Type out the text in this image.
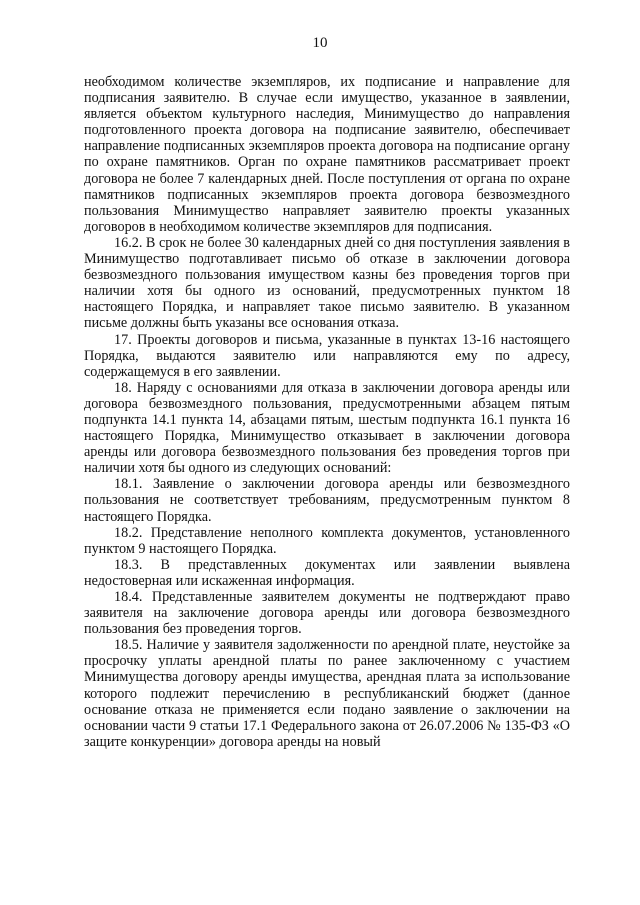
10

необходимом количестве экземпляров, их подписание и направление для подписания заявителю. В случае если имущество, указанное в заявлении, является объектом культурного наследия, Минимущество до направления подготовленного проекта договора на подписание заявителю, обеспечивает направление подписанных экземпляров проекта договора на подписание органу по охране памятников. Орган по охране памятников рассматривает проект договора не более 7 календарных дней. После поступления от органа по охране памятников подписанных экземпляров проекта договора безвозмездного пользования Минимущество направляет заявителю проекты указанных договоров в необходимом количестве экземпляров для подписания.

16.2. В срок не более 30 календарных дней со дня поступления заявления в Минимущество подготавливает письмо об отказе в заключении договора безвозмездного пользования имуществом казны без проведения торгов при наличии хотя бы одного из оснований, предусмотренных пунктом 18 настоящего Порядка, и направляет такое письмо заявителю. В указанном письме должны быть указаны все основания отказа.

17. Проекты договоров и письма, указанные в пунктах 13-16 настоящего Порядка, выдаются заявителю или направляются ему по адресу, содержащемуся в его заявлении.

18. Наряду с основаниями для отказа в заключении договора аренды или договора безвозмездного пользования, предусмотренными абзацем пятым подпункта 14.1 пункта 14, абзацами пятым, шестым подпункта 16.1 пункта 16 настоящего Порядка, Минимущество отказывает в заключении договора аренды или договора безвозмездного пользования без проведения торгов при наличии хотя бы одного из следующих оснований:

18.1. Заявление о заключении договора аренды или безвозмездного пользования не соответствует требованиям, предусмотренным пунктом 8 настоящего Порядка.

18.2. Представление неполного комплекта документов, установленного пунктом 9 настоящего Порядка.

18.3. В представленных документах или заявлении выявлена недостоверная или искаженная информация.

18.4. Представленные заявителем документы не подтверждают право заявителя на заключение договора аренды или договора безвозмездного пользования без проведения торгов.

18.5. Наличие у заявителя задолженности по арендной плате, неустойке за просрочку уплаты арендной платы по ранее заключенному с участием Минимущества договору аренды имущества, арендная плата за использование которого подлежит перечислению в республиканский бюджет (данное основание отказа не применяется если подано заявление о заключении на основании части 9 статьи 17.1 Федерального закона от 26.07.2006 № 135-ФЗ «О защите конкуренции» договора аренды на новый
